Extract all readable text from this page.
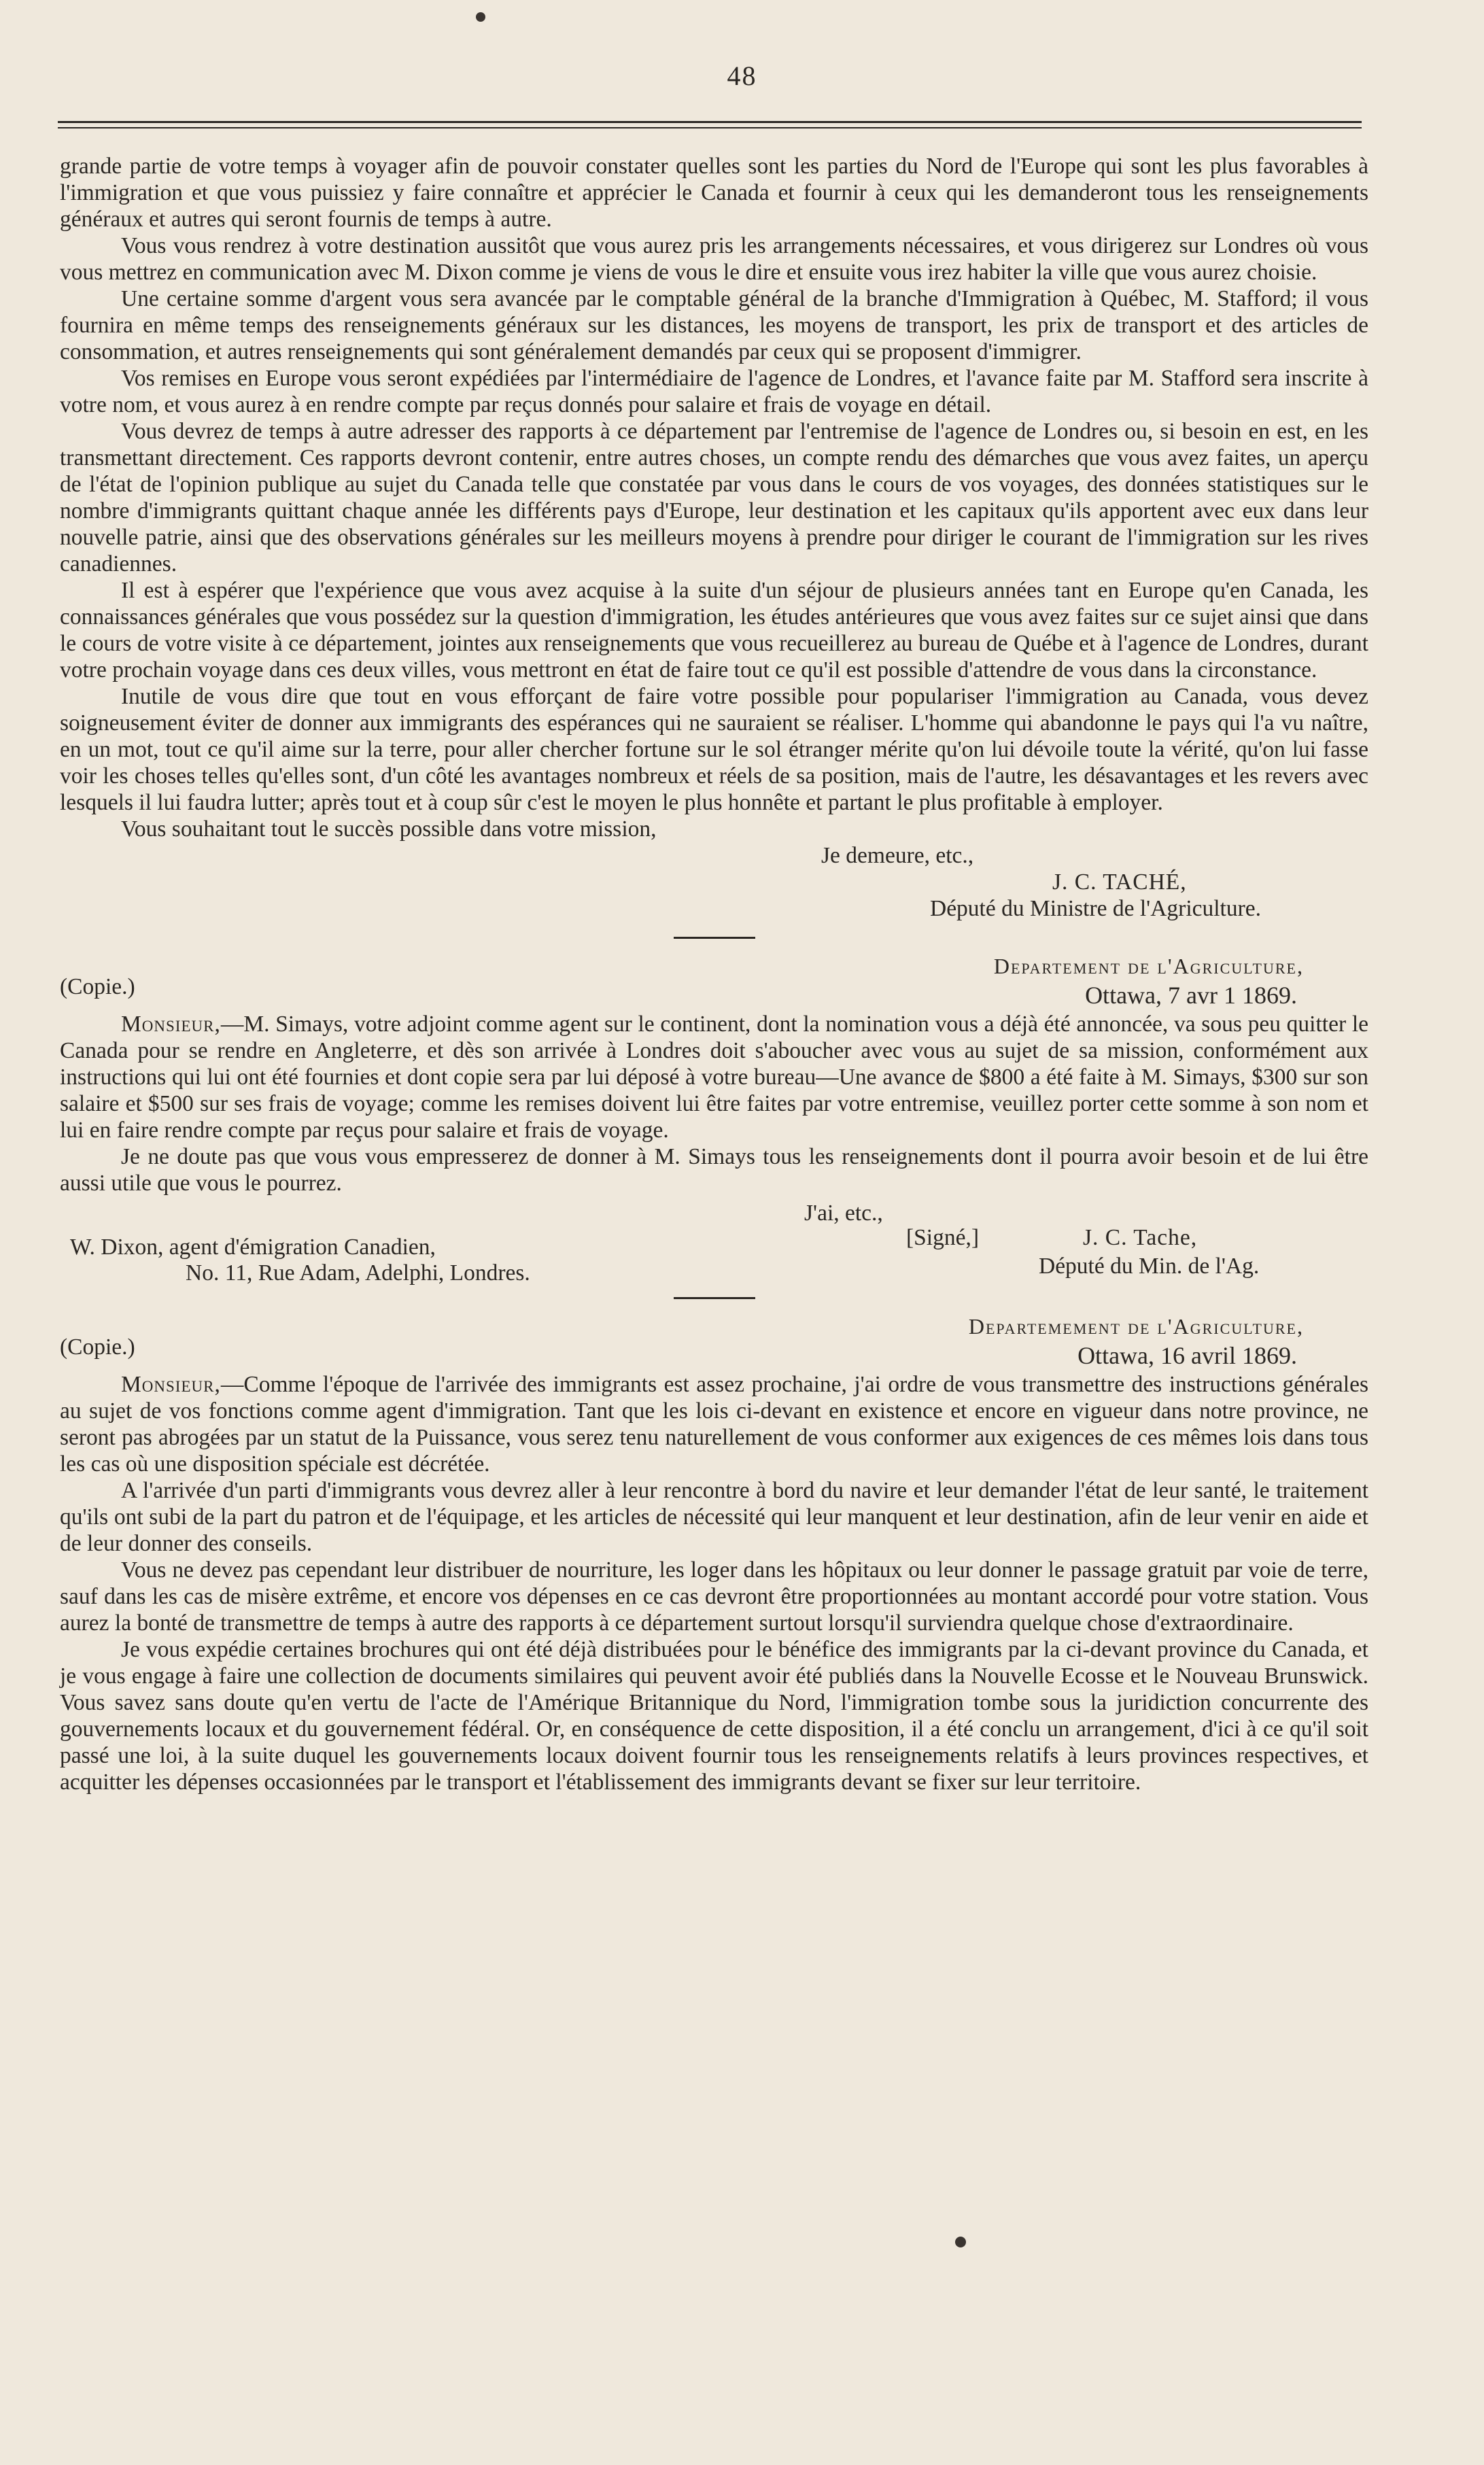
48

grande partie de votre temps à voyager afin de pouvoir constater quelles sont les parties du Nord de l'Europe qui sont les plus favorables à l'immigration et que vous puissiez y faire connaître et apprécier le Canada et fournir à ceux qui les demanderont tous les renseignements généraux et autres qui seront fournis de temps à autre.

Vous vous rendrez à votre destination aussitôt que vous aurez pris les arrangements nécessaires, et vous dirigerez sur Londres où vous vous mettrez en communication avec M. Dixon comme je viens de vous le dire et ensuite vous irez habiter la ville que vous aurez choisie.

Une certaine somme d'argent vous sera avancée par le comptable général de la branche d'Immigration à Québec, M. Stafford; il vous fournira en même temps des renseignements généraux sur les distances, les moyens de transport, les prix de transport et des articles de consommation, et autres renseignements qui sont généralement demandés par ceux qui se proposent d'immigrer.

Vos remises en Europe vous seront expédiées par l'intermédiaire de l'agence de Londres, et l'avance faite par M. Stafford sera inscrite à votre nom, et vous aurez à en rendre compte par reçus donnés pour salaire et frais de voyage en détail.

Vous devrez de temps à autre adresser des rapports à ce département par l'entremise de l'agence de Londres ou, si besoin en est, en les transmettant directement. Ces rapports devront contenir, entre autres choses, un compte rendu des démarches que vous avez faites, un aperçu de l'état de l'opinion publique au sujet du Canada telle que constatée par vous dans le cours de vos voyages, des données statistiques sur le nombre d'immigrants quittant chaque année les différents pays d'Europe, leur destination et les capitaux qu'ils apportent avec eux dans leur nouvelle patrie, ainsi que des observations générales sur les meilleurs moyens à prendre pour diriger le courant de l'immigration sur les rives canadiennes.

Il est à espérer que l'expérience que vous avez acquise à la suite d'un séjour de plusieurs années tant en Europe qu'en Canada, les connaissances générales que vous possédez sur la question d'immigration, les études antérieures que vous avez faites sur ce sujet ainsi que dans le cours de votre visite à ce département, jointes aux renseignements que vous recueillerez au bureau de Québe et à l'agence de Londres, durant votre prochain voyage dans ces deux villes, vous mettront en état de faire tout ce qu'il est possible d'attendre de vous dans la circonstance.

Inutile de vous dire que tout en vous efforçant de faire votre possible pour populariser l'immigration au Canada, vous devez soigneusement éviter de donner aux immigrants des espérances qui ne sauraient se réaliser. L'homme qui abandonne le pays qui l'a vu naître, en un mot, tout ce qu'il aime sur la terre, pour aller chercher fortune sur le sol étranger mérite qu'on lui dévoile toute la vérité, qu'on lui fasse voir les choses telles qu'elles sont, d'un côté les avantages nombreux et réels de sa position, mais de l'autre, les désavantages et les revers avec lesquels il lui faudra lutter; après tout et à coup sûr c'est le moyen le plus honnête et partant le plus profitable à employer.

Vous souhaitant tout le succès possible dans votre mission,

Je demeure, etc.,
J. C. TACHÉ,
Député du Ministre de l'Agriculture.
(Copie.)
Departement de l'Agriculture,
Ottawa, 7 avr 1 1869.

Monsieur,—M. Simays, votre adjoint comme agent sur le continent, dont la nomination vous a déjà été annoncée, va sous peu quitter le Canada pour se rendre en Angleterre, et dès son arrivée à Londres doit s'aboucher avec vous au sujet de sa mission, conformément aux instructions qui lui ont été fournies et dont copie sera par lui déposé à votre bureau—Une avance de $800 a été faite à M. Simays, $300 sur son salaire et $500 sur ses frais de voyage; comme les remises doivent lui être faites par votre entremise, veuillez porter cette somme à son nom et lui en faire rendre compte par reçus pour salaire et frais de voyage.

Je ne doute pas que vous vous empresserez de donner à M. Simays tous les renseignements dont il pourra avoir besoin et de lui être aussi utile que vous le pourrez.

J'ai, etc.,
[Signé,]	J. C. Tache,
Député du Min. de l'Ag.
W. Dixon, agent d'émigration Canadien,
No. 11, Rue Adam, Adelphi, Londres.
(Copie.)
Departemement de l'Agriculture,
Ottawa, 16 avril 1869.

Monsieur,—Comme l'époque de l'arrivée des immigrants est assez prochaine, j'ai ordre de vous transmettre des instructions générales au sujet de vos fonctions comme agent d'immigration. Tant que les lois ci-devant en existence et encore en vigueur dans notre province, ne seront pas abrogées par un statut de la Puissance, vous serez tenu naturellement de vous conformer aux exigences de ces mêmes lois dans tous les cas où une disposition spéciale est décrétée.

A l'arrivée d'un parti d'immigrants vous devrez aller à leur rencontre à bord du navire et leur demander l'état de leur santé, le traitement qu'ils ont subi de la part du patron et de l'équipage, et les articles de nécessité qui leur manquent et leur destination, afin de leur venir en aide et de leur donner des conseils.

Vous ne devez pas cependant leur distribuer de nourriture, les loger dans les hôpitaux ou leur donner le passage gratuit par voie de terre, sauf dans les cas de misère extrême, et encore vos dépenses en ce cas devront être proportionnées au montant accordé pour votre station. Vous aurez la bonté de transmettre de temps à autre des rapports à ce département surtout lorsqu'il surviendra quelque chose d'extraordinaire.

Je vous expédie certaines brochures qui ont été déjà distribuées pour le bénéfice des immigrants par la ci-devant province du Canada, et je vous engage à faire une collection de documents similaires qui peuvent avoir été publiés dans la Nouvelle Ecosse et le Nouveau Brunswick. Vous savez sans doute qu'en vertu de l'acte de l'Amérique Britannique du Nord, l'immigration tombe sous la juridiction concurrente des gouvernements locaux et du gouvernement fédéral. Or, en conséquence de cette disposition, il a été conclu un arrangement, d'ici à ce qu'il soit passé une loi, à la suite duquel les gouvernements locaux doivent fournir tous les renseignements relatifs à leurs provinces respectives, et acquitter les dépenses occasionnées par le transport et l'établissement des immigrants devant se fixer sur leur territoire.
